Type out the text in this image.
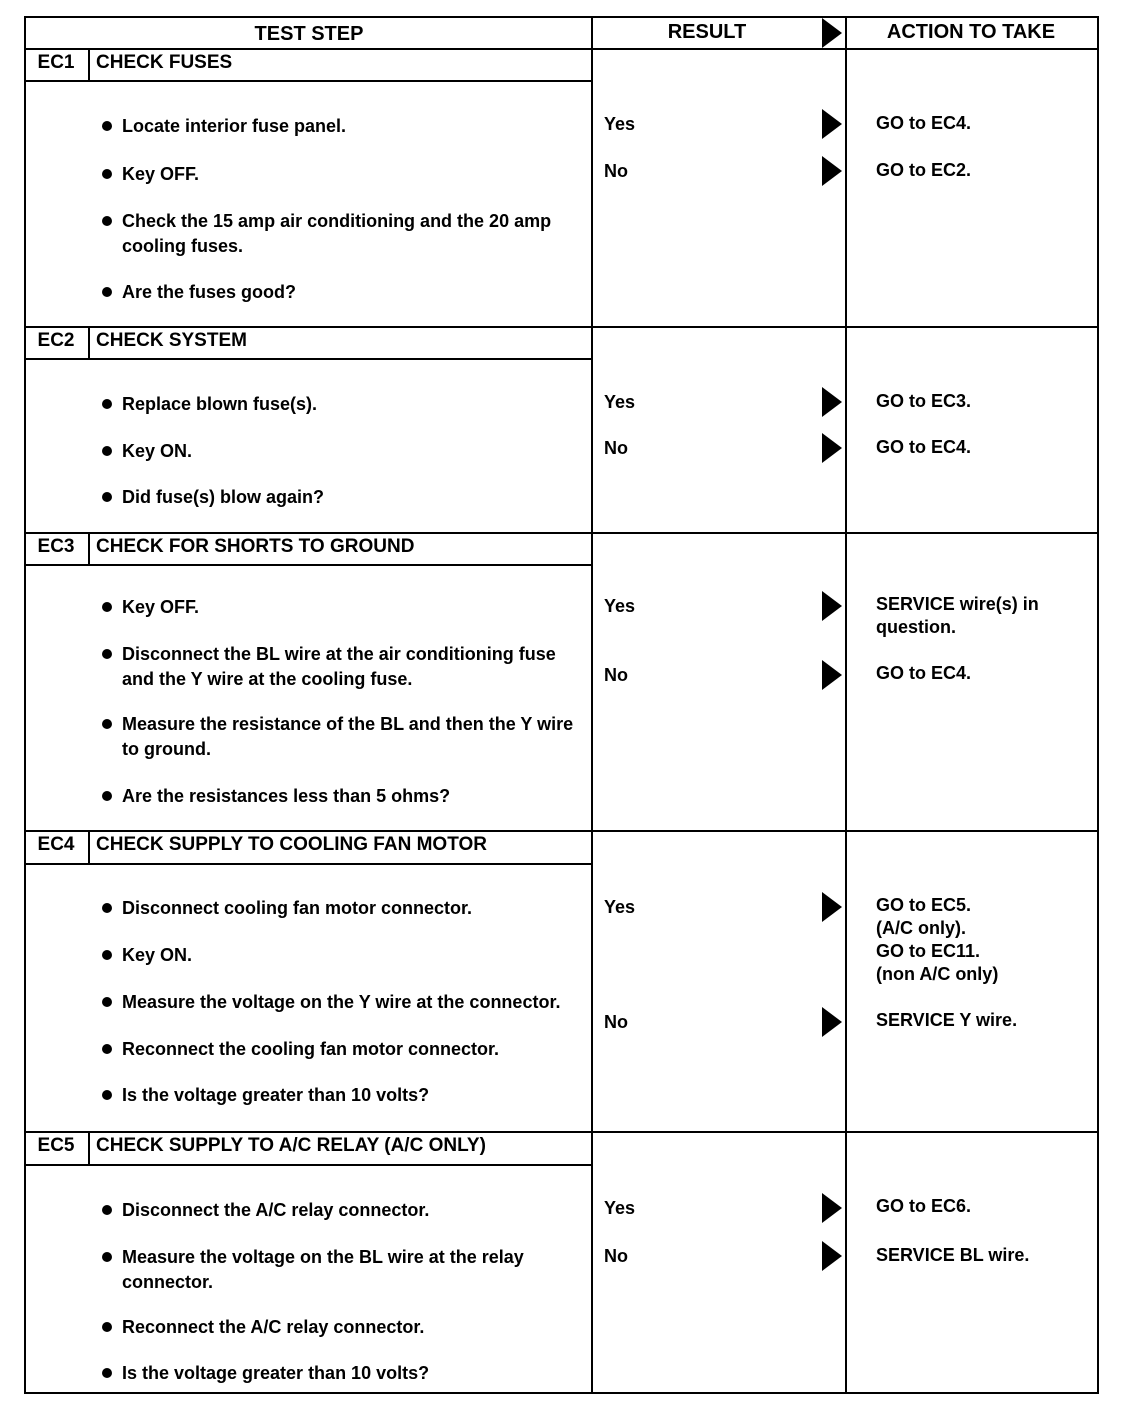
TEST STEP	RESULT	ACTION TO TAKE
EC1	CHECK FUSES
Locate interior fuse panel.
Key OFF.
Check the 15 amp air conditioning and the 20 amp cooling fuses.
Are the fuses good?
Yes	GO to EC4.
No	GO to EC2.
EC2	CHECK SYSTEM
Replace blown fuse(s).
Key ON.
Did fuse(s) blow again?
Yes	GO to EC3.
No	GO to EC4.
EC3	CHECK FOR SHORTS TO GROUND
Key OFF.
Disconnect the BL wire at the air conditioning fuse and the Y wire at the cooling fuse.
Measure the resistance of the BL and then the Y wire to ground.
Are the resistances less than 5 ohms?
Yes	SERVICE wire(s) in question.
No	GO to EC4.
EC4	CHECK SUPPLY TO COOLING FAN MOTOR
Disconnect cooling fan motor connector.
Key ON.
Measure the voltage on the Y wire at the connector.
Reconnect the cooling fan motor connector.
Is the voltage greater than 10 volts?
Yes	GO to EC5.
(A/C only).
GO to EC11.
(non A/C only)
No	SERVICE Y wire.
EC5	CHECK SUPPLY TO A/C RELAY (A/C ONLY)
Disconnect the A/C relay connector.
Measure the voltage on the BL wire at the relay connector.
Reconnect the A/C relay connector.
Is the voltage greater than 10 volts?
Yes	GO to EC6.
No	SERVICE BL wire.
